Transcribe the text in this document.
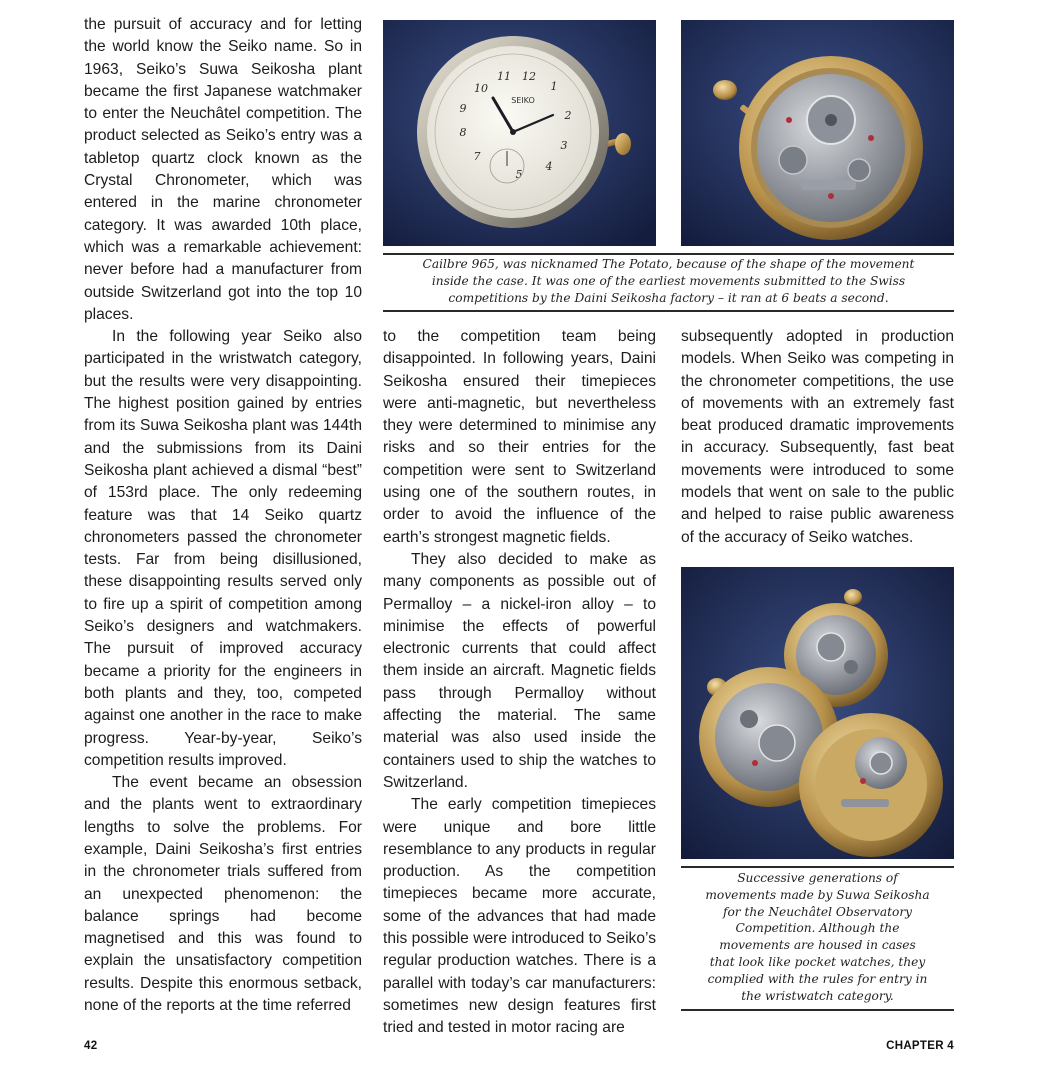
the pursuit of accuracy and for letting the world know the Seiko name. So in 1963, Seiko’s Suwa Seikosha plant became the first Japanese watchmaker to enter the Neuchâtel competition. The product selected as Seiko’s entry was a tabletop quartz clock known as the Crystal Chronometer, which was entered in the marine chronometer category. It was awarded 10th place, which was a remarkable achievement: never before had a manufacturer from outside Switzerland got into the top 10 places.

In the following year Seiko also participated in the wristwatch category, but the results were very disappointing. The highest position gained by entries from its Suwa Seikosha plant was 144th and the submissions from its Daini Seikosha plant achieved a dismal “best” of 153rd place. The only redeeming feature was that 14 Seiko quartz chronometers passed the chronometer tests. Far from being disillusioned, these disappointing results served only to fire up a spirit of competition among Seiko’s designers and watchmakers. The pursuit of improved accuracy became a priority for the engineers in both plants and they, too, competed against one another in the race to make progress. Year-by-year, Seiko’s competition results improved.

The event became an obsession and the plants went to extraordinary lengths to solve the problems. For example, Daini Seikosha’s first entries in the chronometer trials suffered from an unexpected phenomenon: the balance springs had become magnetised and this was found to explain the unsatisfactory competition results. Despite this enormous setback, none of the reports at the time referred

SEIKO
12
1
2
3
4
5
7
8
9
10
11
Cailbre 965, was nicknamed The Potato, because of the shape of the movement
inside the case. It was one of the earliest movements submitted to the Swiss
competitions by the Daini Seikosha factory – it ran at 6 beats a second.

to the competition team being disappointed. In following years, Daini Seikosha ensured their timepieces were anti-magnetic, but nevertheless they were determined to minimise any risks and so their entries for the competition were sent to Switzerland using one of the southern routes, in order to avoid the influence of the earth’s strongest magnetic fields.

They also decided to make as many components as possible out of Permalloy – a nickel-iron alloy – to minimise the effects of powerful electronic currents that could affect them inside an aircraft. Magnetic fields pass through Permalloy without affecting the material. The same material was also used inside the containers used to ship the watches to Switzerland.

The early competition timepieces were unique and bore little resemblance to any products in regular production. As the competition timepieces became more accurate, some of the advances that had made this possible were introduced to Seiko’s regular production watches. There is a parallel with today’s car manufacturers: sometimes new design features first tried and tested in motor racing are

subsequently adopted in production models. When Seiko was competing in the chronometer competitions, the use of movements with an extremely fast beat produced dramatic improvements in accuracy. Subsequently, fast beat movements were introduced to some models that went on sale to the public and helped to raise public awareness of the accuracy of Seiko watches.

Successive generations of
movements made by Suwa Seikosha
for the Neuchâtel Observatory
Competition. Although the
movements are housed in cases
that look like pocket watches, they
complied with the rules for entry in
the wristwatch category.
42	CHAPTER 4
